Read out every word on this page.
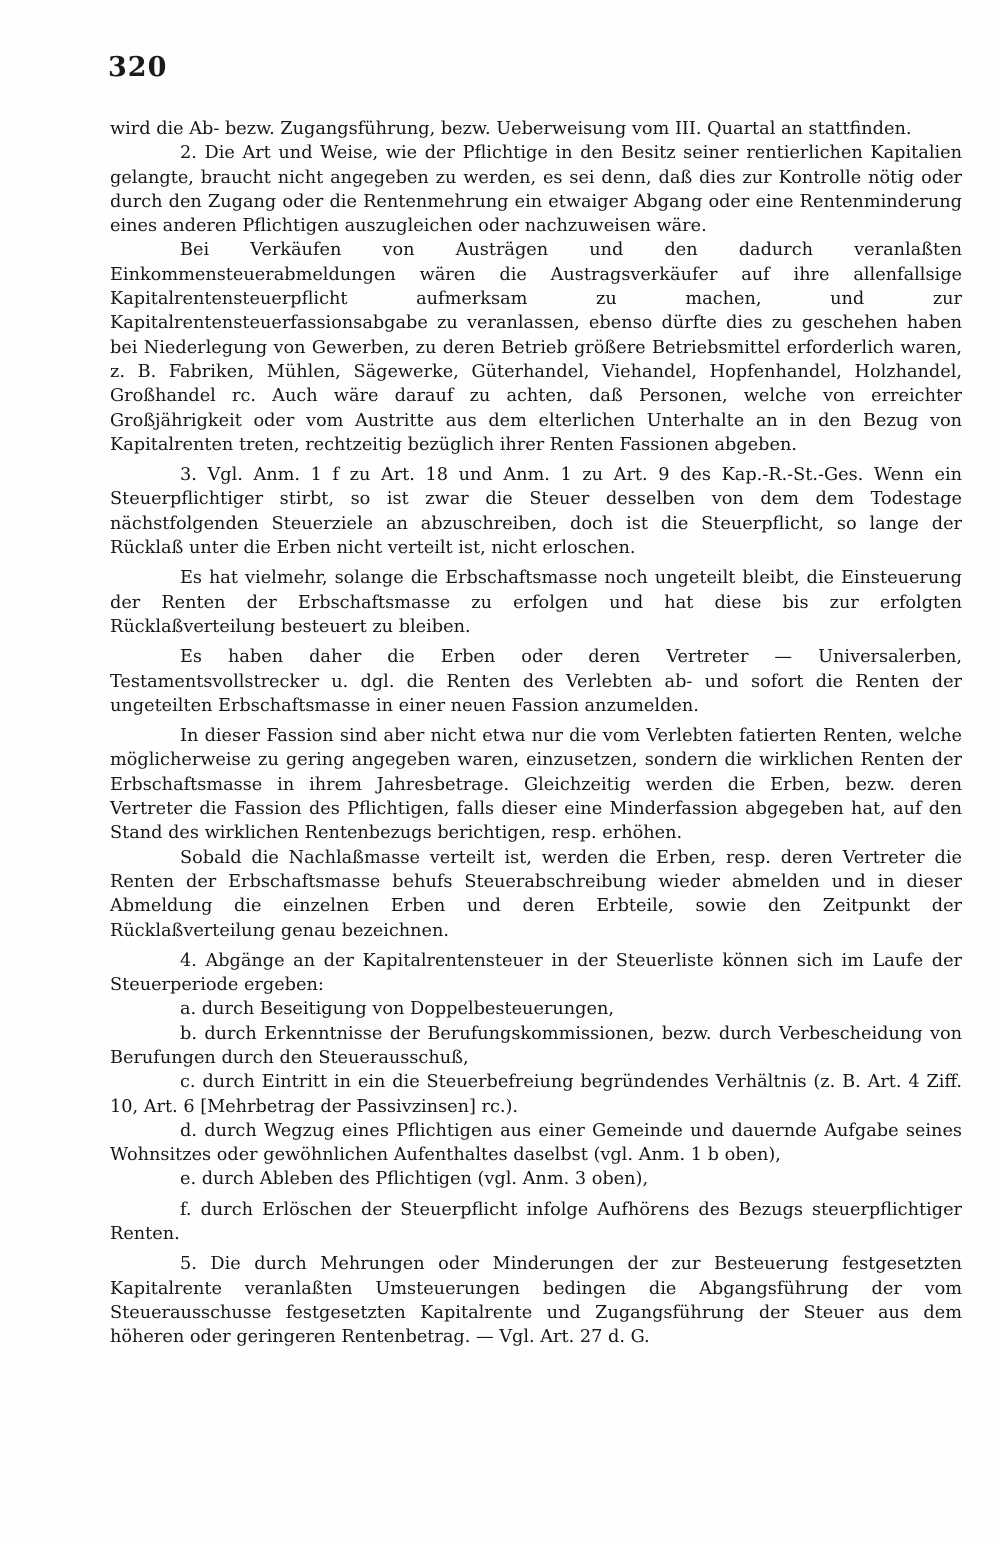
320

wird die Ab- bezw. Zugangsführung, bezw. Ueberweisung vom III. Quartal an stattfinden.

2. Die Art und Weise, wie der Pflichtige in den Besitz seiner rentierlichen Kapitalien gelangte, braucht nicht angegeben zu werden, es sei denn, daß dies zur Kontrolle nötig oder durch den Zugang oder die Rentenmehrung ein etwaiger Abgang oder eine Rentenminderung eines anderen Pflichtigen auszugleichen oder nachzuweisen wäre.

Bei Verkäufen von Austrägen und den dadurch veranlaßten Einkommensteuerabmeldungen wären die Austragsverkäufer auf ihre allenfallsige Kapitalrentensteuerpflicht aufmerksam zu machen, und zur Kapitalrentensteuerfassionsabgabe zu veranlassen, ebenso dürfte dies zu geschehen haben bei Niederlegung von Gewerben, zu deren Betrieb größere Betriebsmittel erforderlich waren, z. B. Fabriken, Mühlen, Sägewerke, Güterhandel, Viehandel, Hopfenhandel, Holzhandel, Großhandel rc. Auch wäre darauf zu achten, daß Personen, welche von erreichter Großjährigkeit oder vom Austritte aus dem elterlichen Unterhalte an in den Bezug von Kapitalrenten treten, rechtzeitig bezüglich ihrer Renten Fassionen abgeben.

3. Vgl. Anm. 1 f zu Art. 18 und Anm. 1 zu Art. 9 des Kap.-R.-St.-Ges. Wenn ein Steuerpflichtiger stirbt, so ist zwar die Steuer desselben von dem dem Todestage nächstfolgenden Steuerziele an abzuschreiben, doch ist die Steuerpflicht, so lange der Rücklaß unter die Erben nicht verteilt ist, nicht erloschen.

Es hat vielmehr, solange die Erbschaftsmasse noch ungeteilt bleibt, die Einsteuerung der Renten der Erbschaftsmasse zu erfolgen und hat diese bis zur erfolgten Rücklaßverteilung besteuert zu bleiben.

Es haben daher die Erben oder deren Vertreter — Universalerben, Testamentsvollstrecker u. dgl. die Renten des Verlebten ab- und sofort die Renten der ungeteilten Erbschaftsmasse in einer neuen Fassion anzumelden.

In dieser Fassion sind aber nicht etwa nur die vom Verlebten fatierten Renten, welche möglicherweise zu gering angegeben waren, einzusetzen, sondern die wirklichen Renten der Erbschaftsmasse in ihrem Jahresbetrage. Gleichzeitig werden die Erben, bezw. deren Vertreter die Fassion des Pflichtigen, falls dieser eine Minderfassion abgegeben hat, auf den Stand des wirklichen Rentenbezugs berichtigen, resp. erhöhen.

Sobald die Nachlaßmasse verteilt ist, werden die Erben, resp. deren Vertreter die Renten der Erbschaftsmasse behufs Steuerabschreibung wieder abmelden und in dieser Abmeldung die einzelnen Erben und deren Erbteile, sowie den Zeitpunkt der Rücklaßverteilung genau bezeichnen.

4. Abgänge an der Kapitalrentensteuer in der Steuerliste können sich im Laufe der Steuerperiode ergeben:

a. durch Beseitigung von Doppelbesteuerungen,

b. durch Erkenntnisse der Berufungskommissionen, bezw. durch Verbescheidung von Berufungen durch den Steuerausschuß,

c. durch Eintritt in ein die Steuerbefreiung begründendes Verhältnis (z. B. Art. 4 Ziff. 10, Art. 6 [Mehrbetrag der Passivzinsen] rc.).

d. durch Wegzug eines Pflichtigen aus einer Gemeinde und dauernde Aufgabe seines Wohnsitzes oder gewöhnlichen Aufenthaltes daselbst (vgl. Anm. 1 b oben),

e. durch Ableben des Pflichtigen (vgl. Anm. 3 oben),

f. durch Erlöschen der Steuerpflicht infolge Aufhörens des Bezugs steuerpflichtiger Renten.

5. Die durch Mehrungen oder Minderungen der zur Besteuerung festgesetzten Kapitalrente veranlaßten Umsteuerungen bedingen die Abgangsführung der vom Steuerausschusse festgesetzten Kapitalrente und Zugangsführung der Steuer aus dem höheren oder geringeren Rentenbetrag. — Vgl. Art. 27 d. G.
